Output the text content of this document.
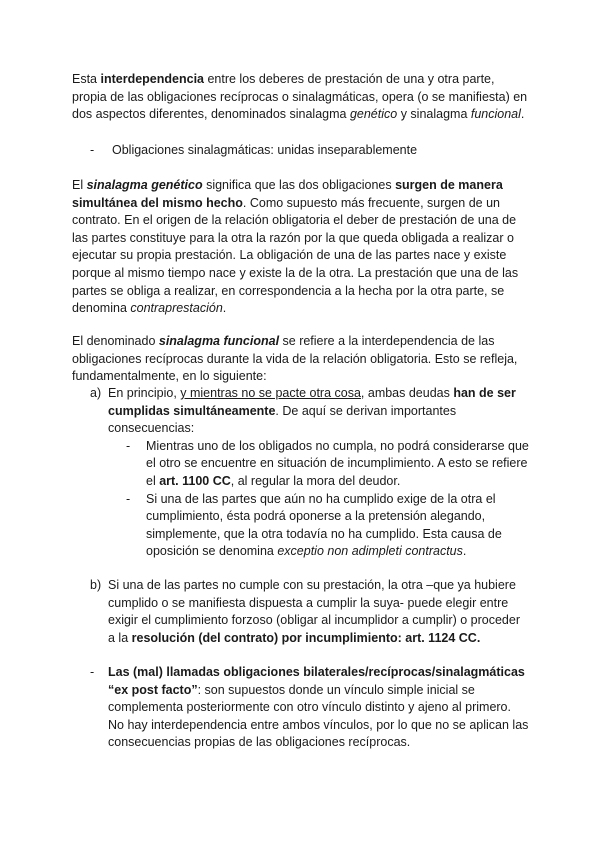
Esta interdependencia entre los deberes de prestación de una y otra parte, propia de las obligaciones recíprocas o sinalagmáticas, opera (o se manifiesta) en dos aspectos diferentes, denominados sinalagma genético y sinalagma funcional.

- Obligaciones sinalagmáticas: unidas inseparablemente

El sinalagma genético significa que las dos obligaciones surgen de manera simultánea del mismo hecho. Como supuesto más frecuente, surgen de un contrato. En el origen de la relación obligatoria el deber de prestación de una de las partes constituye para la otra la razón por la que queda obligada a realizar o ejecutar su propia prestación. La obligación de una de las partes nace y existe porque al mismo tiempo nace y existe la de la otra. La prestación que una de las partes se obliga a realizar, en correspondencia a la hecha por la otra parte, se denomina contraprestación.

El denominado sinalagma funcional se refiere a la interdependencia de las obligaciones recíprocas durante la vida de la relación obligatoria. Esto se refleja, fundamentalmente, en lo siguiente:

a) En principio, y mientras no se pacte otra cosa, ambas deudas han de ser cumplidas simultáneamente. De aquí se derivan importantes consecuencias:
- Mientras uno de los obligados no cumpla, no podrá considerarse que el otro se encuentre en situación de incumplimiento. A esto se refiere el art. 1100 CC, al regular la mora del deudor.
- Si una de las partes que aún no ha cumplido exige de la otra el cumplimiento, ésta podrá oponerse a la pretensión alegando, simplemente, que la otra todavía no ha cumplido. Esta causa de oposición se denomina exceptio non adimpleti contractus.
b) Si una de las partes no cumple con su prestación, la otra –que ya hubiere cumplido o se manifiesta dispuesta a cumplir la suya- puede elegir entre exigir el cumplimiento forzoso (obligar al incumplidor a cumplir) o proceder a la resolución (del contrato) por incumplimiento: art. 1124 CC.
- Las (mal) llamadas obligaciones bilaterales/recíprocas/sinalagmáticas “ex post facto”: son supuestos donde un vínculo simple inicial se complementa posteriormente con otro vínculo distinto y ajeno al primero. No hay interdependencia entre ambos vínculos, por lo que no se aplican las consecuencias propias de las obligaciones recíprocas.
